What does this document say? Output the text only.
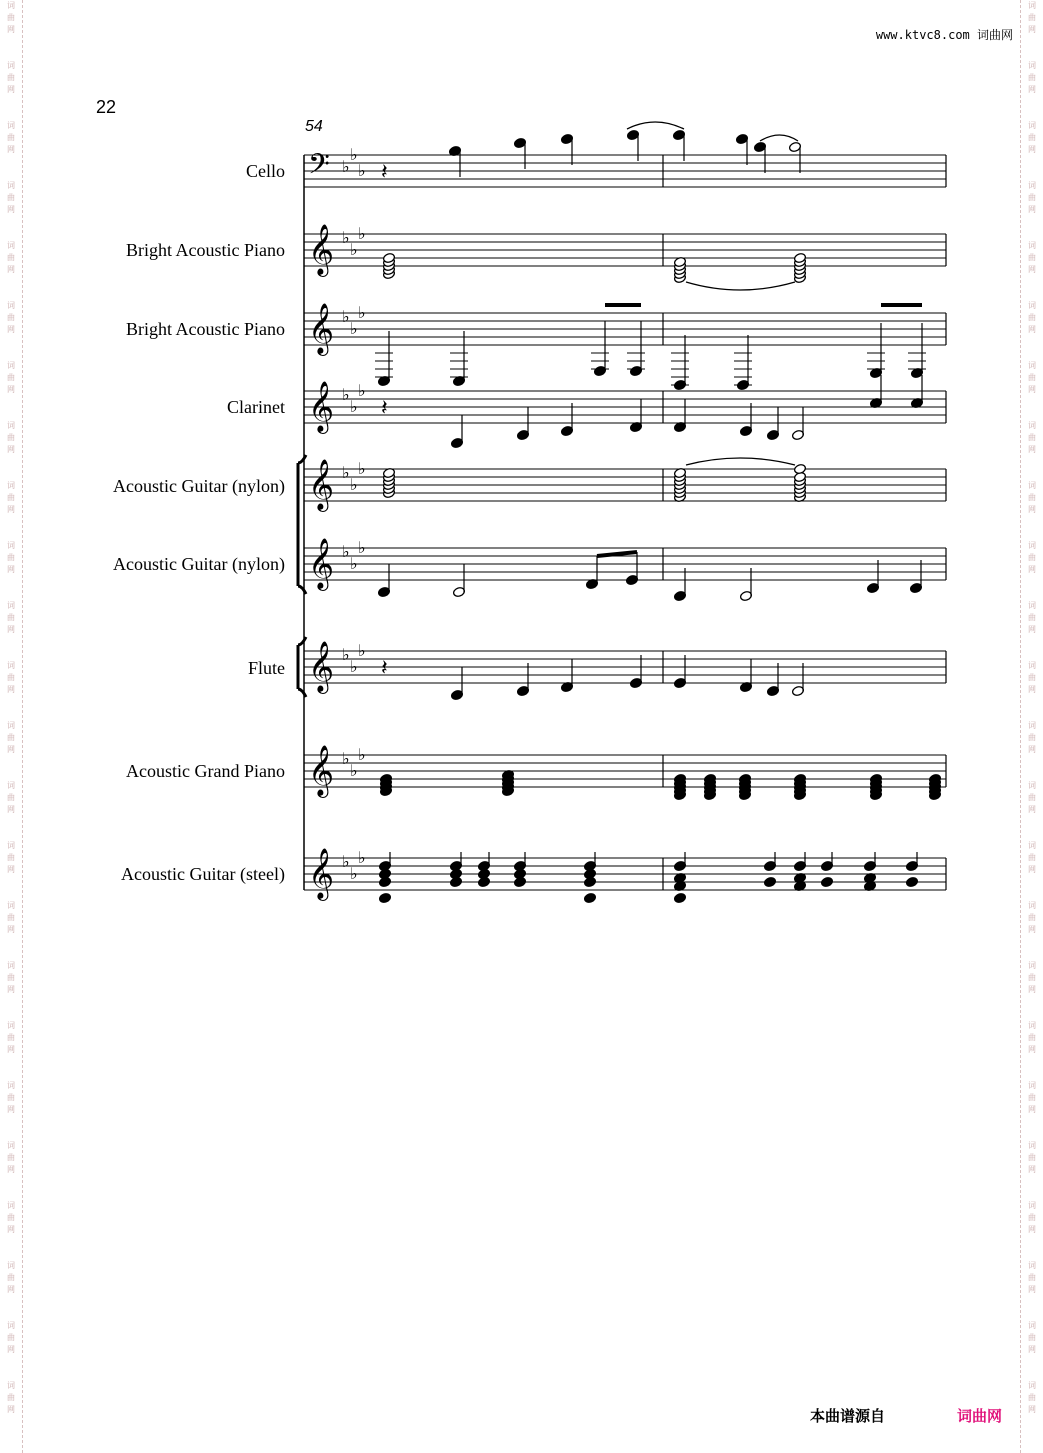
词
曲
网
词
曲
网
词
曲
网
词
曲
网
词
曲
网
词
曲
网
词
曲
网
词
曲
网
词
曲
网
词
曲
网
词
曲
网
词
曲
网
词
曲
网
词
曲
网
词
曲
网
词
曲
网
词
曲
网
词
曲
网
词
曲
网
词
曲
网
词
曲
网
词
曲
网
词
曲
网
词
曲
网
词
曲
网
词
曲
网
词
曲
网
词
曲
网
词
曲
网
词
曲
网
词
曲
网
词
曲
网
词
曲
网
词
曲
网
词
曲
网
词
曲
网
词
曲
网
词
曲
网
词
曲
网
词
曲
网
词
曲
网
词
曲
网
词
曲
网
词
曲
网
词
曲
网
词
曲
网
词
曲
网
词
曲
网
www.ktvc8.com 词曲网
22
54
Cello
Bright Acoustic Piano
Bright Acoustic Piano
Clarinet
Acoustic Guitar (nylon)
Acoustic Guitar (nylon)
Flute
Acoustic Grand Piano
Acoustic Guitar (steel)
𝄢 ♭
♭
♭
𝄞 ♭
♭
♭
𝄞 ♭
♭
♭
𝄞 ♭
♭
♭
𝄞 ♭
♭
♭
𝄞 ♭
♭
♭
𝄞 ♭
♭
♭
𝄞 ♭
♭
♭
𝄞 ♭
♭
♭
𝄽
𝄽
𝄽
本曲谱源自	词曲网
